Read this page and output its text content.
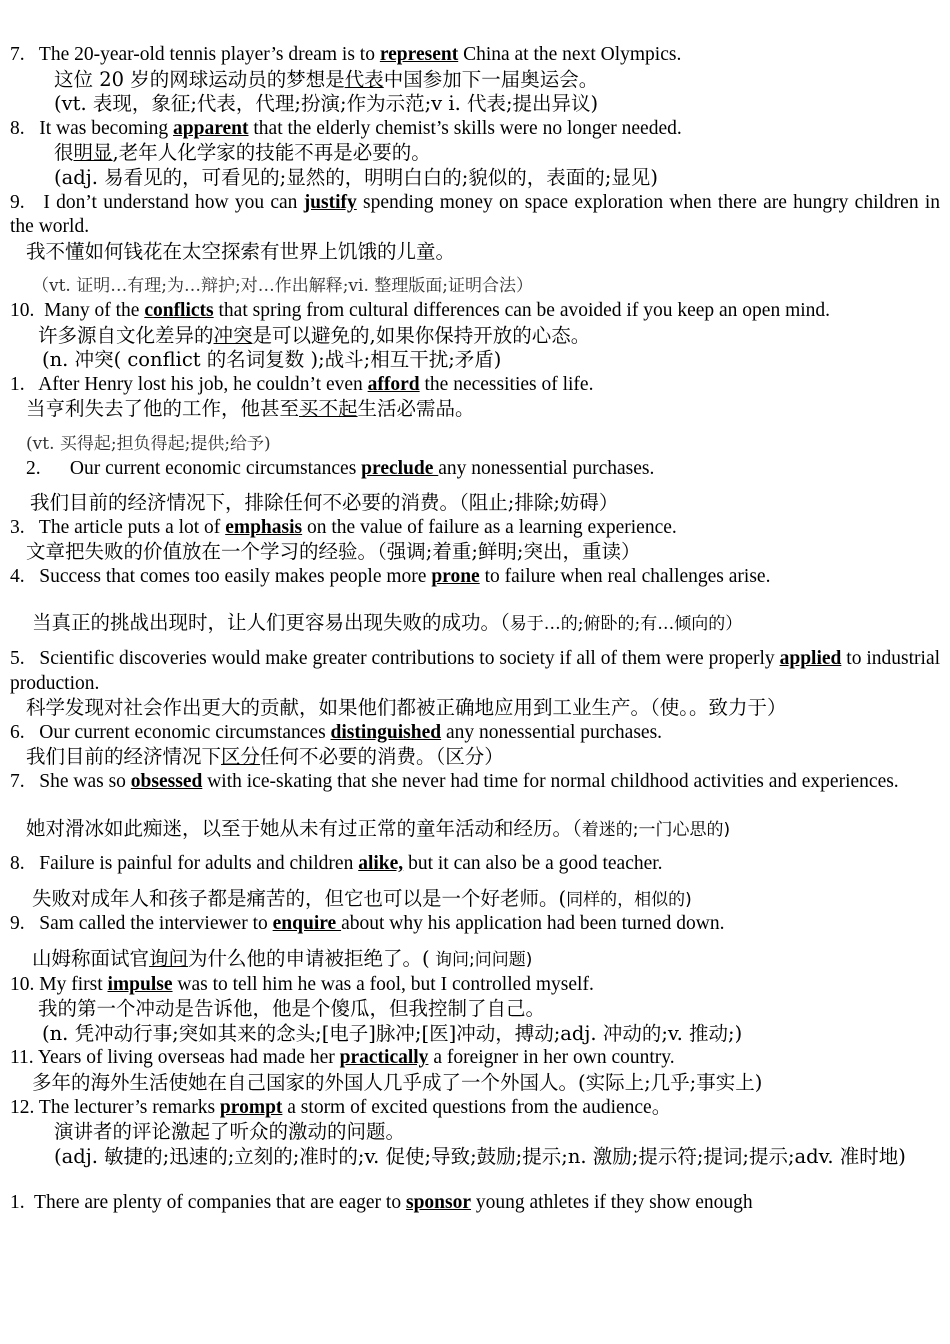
7. The 20-year-old tennis player’s dream is to represent China at the next Olympics.

这位 20 岁的网球运动员的梦想是代表中国参加下一届奥运会。

(vt. 表现，象征;代表，代理;扮演;作为示范;v i. 代表;提出异议)

8. It was becoming apparent that the elderly chemist’s skills were no longer needed.

很明显,老年人化学家的技能不再是必要的。

(adj. 易看见的，可看见的;显然的，明明白白的;貌似的，表面的;显见)

9. I don’t understand how you can justify spending money on space exploration when there are hungry children in the world.

我不懂如何钱花在太空探索有世界上饥饿的儿童。

（vt. 证明…有理;为…辩护;对…作出解释;vi. 整理版面;证明合法）

10. Many of the conflicts that spring from cultural differences can be avoided if you keep an open mind.

许多源自文化差异的冲突是可以避免的,如果你保持开放的心态。

(n. 冲突( conflict 的名词复数 );战斗;相互干扰;矛盾)

1. After Henry lost his job, he couldn’t even afford the necessities of life.

当亨利失去了他的工作，他甚至买不起生活必需品。

(vt. 买得起;担负得起;提供;给予)

2. Our current economic circumstances preclude any nonessential purchases.

我们目前的经济情况下，排除任何不必要的消费。（阻止;排除;妨碍）

3. The article puts a lot of emphasis on the value of failure as a learning experience.

文章把失败的价值放在一个学习的经验。（强调;着重;鲜明;突出，重读）

4. Success that comes too easily makes people more prone to failure when real challenges arise.

当真正的挑战出现时，让人们更容易出现失败的成功。（易于…的;俯卧的;有…倾向的）

5. Scientific discoveries would make greater contributions to society if all of them were properly applied to industrial production.

科学发现对社会作出更大的贡献，如果他们都被正确地应用到工业生产。（使。。致力于）

6. Our current economic circumstances distinguished any nonessential purchases.

我们目前的经济情况下区分任何不必要的消费。（区分）

7. She was so obsessed with ice-skating that she never had time for normal childhood activities and experiences.

她对滑冰如此痴迷，以至于她从未有过正常的童年活动和经历。（着迷的;一门心思的)

8. Failure is painful for adults and children alike, but it can also be a good teacher.

失败对成年人和孩子都是痛苦的，但它也可以是一个好老师。(同样的，相似的)

9. Sam called the interviewer to enquire about why his application had been turned down.

山姆称面试官询问为什么他的申请被拒绝了。( 询问;问问题)

10. My first impulse was to tell him he was a fool, but I controlled myself.

我的第一个冲动是告诉他，他是个傻瓜，但我控制了自己。

(n. 凭冲动行事;突如其来的念头;[电子]脉冲;[医]冲动，搏动;adj. 冲动的;v. 推动;)

11. Years of living overseas had made her practically a foreigner in her own country.

多年的海外生活使她在自己国家的外国人几乎成了一个外国人。(实际上;几乎;事实上)

12. The lecturer’s remarks prompt a storm of excited questions from the audience。

演讲者的评论激起了听众的激动的问题。

(adj. 敏捷的;迅速的;立刻的;准时的;v. 促使;导致;鼓励;提示;n. 激励;提示符;提词;提示;adv. 准时地)

1. There are plenty of companies that are eager to sponsor young athletes if they show enough
